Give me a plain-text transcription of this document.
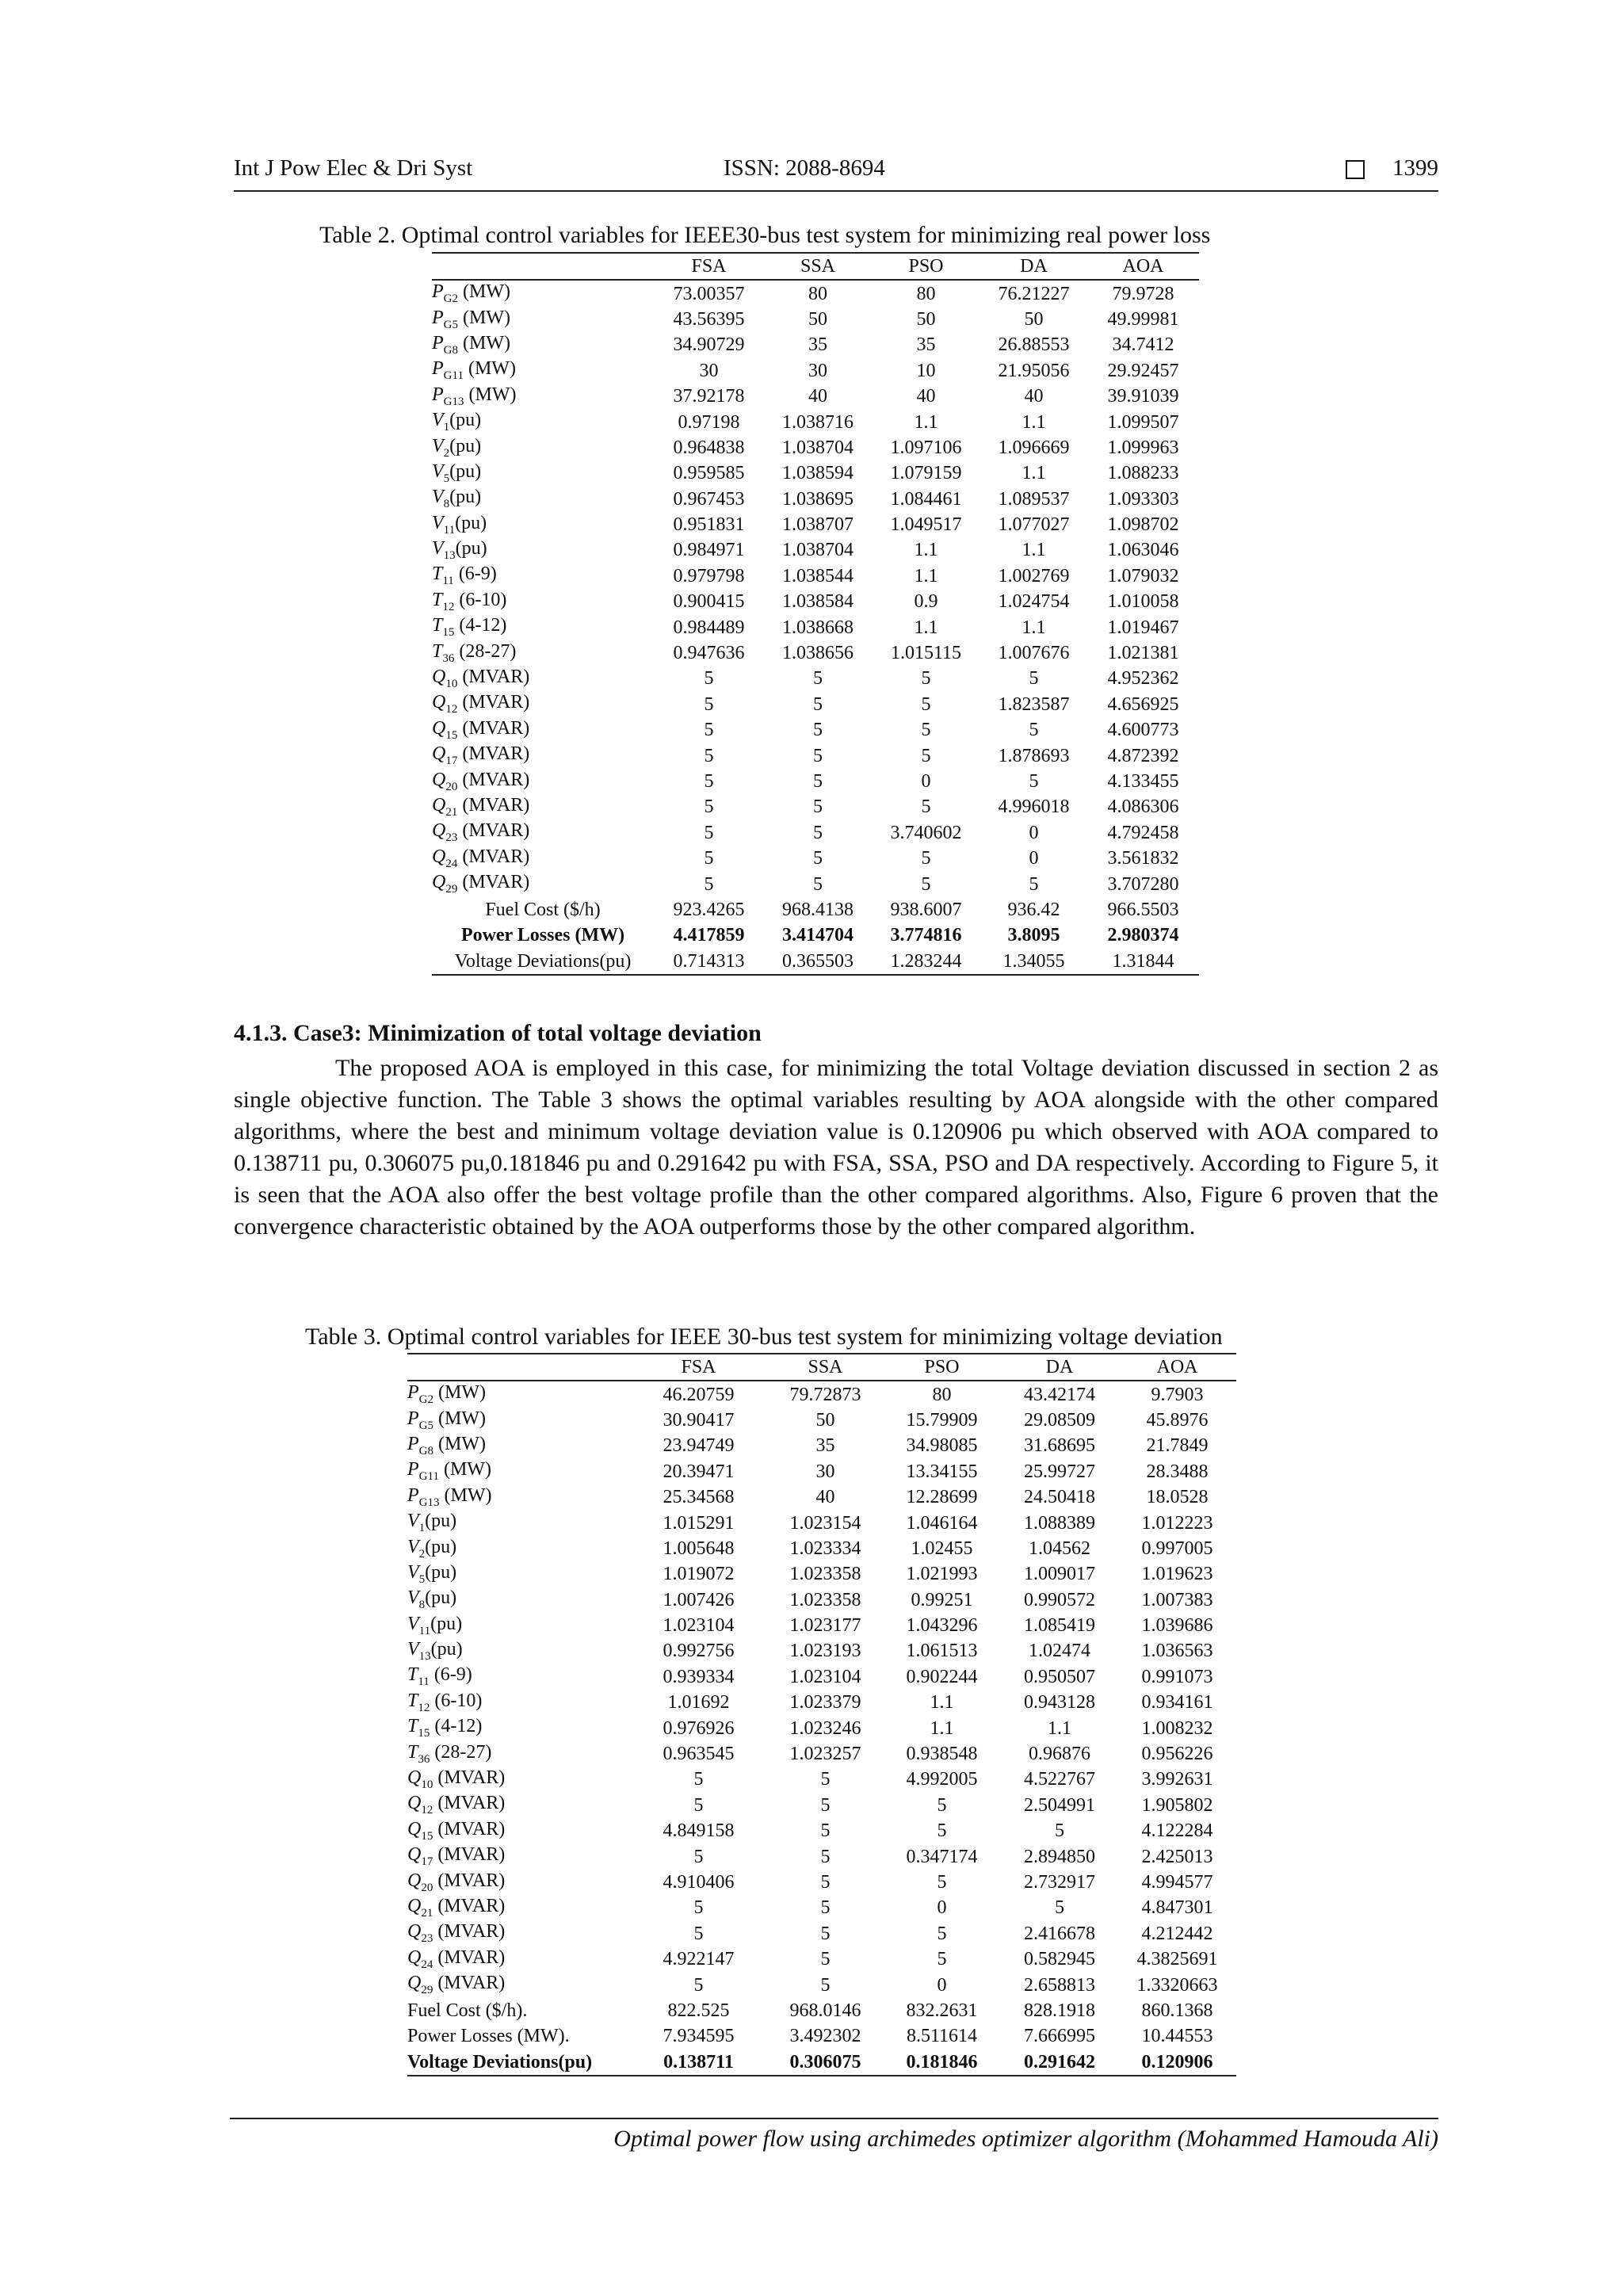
Int J Pow Elec & Dri Syst	ISSN: 2088-8694	1399
Table 2. Optimal control variables for IEEE30-bus test system for minimizing real power loss
	FSA	SSA	PSO	DA	AOA
$P_{G2}$ (MW)	73.00357	80	80	76.21227	79.9728
$P_{G5}$ (MW)	43.56395	50	50	50	49.99981
$P_{G8}$ (MW)	34.90729	35	35	26.88553	34.7412
$P_{G11}$ (MW)	30	30	10	21.95056	29.92457
$P_{G13}$ (MW)	37.92178	40	40	40	39.91039
$V_1(pu)$	0.97198	1.038716	1.1	1.1	1.099507
$V_2(pu)$	0.964838	1.038704	1.097106	1.096669	1.099963
$V_5(pu)$	0.959585	1.038594	1.079159	1.1	1.088233
$V_8(pu)$	0.967453	1.038695	1.084461	1.089537	1.093303
$V_{11}(pu)$	0.951831	1.038707	1.049517	1.077027	1.098702
$V_{13}(pu)$	0.984971	1.038704	1.1	1.1	1.063046
$T_{11}$ (6-9)	0.979798	1.038544	1.1	1.002769	1.079032
$T_{12}$ (6-10)	0.900415	1.038584	0.9	1.024754	1.010058
$T_{15}$ (4-12)	0.984489	1.038668	1.1	1.1	1.019467
$T_{36}$ (28-27)	0.947636	1.038656	1.015115	1.007676	1.021381
$Q_{10}$ (MVAR)	5	5	5	5	4.952362
$Q_{12}$ (MVAR)	5	5	5	1.823587	4.656925
$Q_{15}$ (MVAR)	5	5	5	5	4.600773
$Q_{17}$ (MVAR)	5	5	5	1.878693	4.872392
$Q_{20}$ (MVAR)	5	5	0	5	4.133455
$Q_{21}$ (MVAR)	5	5	5	4.996018	4.086306
$Q_{23}$ (MVAR)	5	5	3.740602	0	4.792458
$Q_{24}$ (MVAR)	5	5	5	0	3.561832
$Q_{29}$ (MVAR)	5	5	5	5	3.707280
Fuel Cost ($/h)	923.4265	968.4138	938.6007	936.42	966.5503
Power Losses (MW)	4.417859	3.414704	3.774816	3.8095	2.980374
Voltage Deviations(pu)	0.714313	0.365503	1.283244	1.34055	1.31844
4.1.3. Case3: Minimization of total voltage deviation
The proposed AOA is employed in this case, for minimizing the total Voltage deviation discussed in section 2 as single objective function. The Table 3 shows the optimal variables resulting by AOA alongside with the other compared algorithms, where the best and minimum voltage deviation value is 0.120906 pu which observed with AOA compared to 0.138711 pu, 0.306075 pu,0.181846 pu and 0.291642 pu with FSA, SSA, PSO and DA respectively. According to Figure 5, it is seen that the AOA also offer the best voltage profile than the other compared algorithms. Also, Figure 6 proven that the convergence characteristic obtained by the AOA outperforms those by the other compared algorithm.
Table 3. Optimal control variables for IEEE 30-bus test system for minimizing voltage deviation
	FSA	SSA	PSO	DA	AOA
$P_{G2}$ (MW)	46.20759	79.72873	80	43.42174	9.7903
$P_{G5}$ (MW)	30.90417	50	15.79909	29.08509	45.8976
$P_{G8}$ (MW)	23.94749	35	34.98085	31.68695	21.7849
$P_{G11}$ (MW)	20.39471	30	13.34155	25.99727	28.3488
$P_{G13}$ (MW)	25.34568	40	12.28699	24.50418	18.0528
$V_1(pu)$	1.015291	1.023154	1.046164	1.088389	1.012223
$V_2(pu)$	1.005648	1.023334	1.02455	1.04562	0.997005
$V_5(pu)$	1.019072	1.023358	1.021993	1.009017	1.019623
$V_8(pu)$	1.007426	1.023358	0.99251	0.990572	1.007383
$V_{11}(pu)$	1.023104	1.023177	1.043296	1.085419	1.039686
$V_{13}(pu)$	0.992756	1.023193	1.061513	1.02474	1.036563
$T_{11}$ (6-9)	0.939334	1.023104	0.902244	0.950507	0.991073
$T_{12}$ (6-10)	1.01692	1.023379	1.1	0.943128	0.934161
$T_{15}$ (4-12)	0.976926	1.023246	1.1	1.1	1.008232
$T_{36}$ (28-27)	0.963545	1.023257	0.938548	0.96876	0.956226
$Q_{10}$ (MVAR)	5	5	4.992005	4.522767	3.992631
$Q_{12}$ (MVAR)	5	5	5	2.504991	1.905802
$Q_{15}$ (MVAR)	4.849158	5	5	5	4.122284
$Q_{17}$ (MVAR)	5	5	0.347174	2.894850	2.425013
$Q_{20}$ (MVAR)	4.910406	5	5	2.732917	4.994577
$Q_{21}$ (MVAR)	5	5	0	5	4.847301
$Q_{23}$ (MVAR)	5	5	5	2.416678	4.212442
$Q_{24}$ (MVAR)	4.922147	5	5	0.582945	4.3825691
$Q_{29}$ (MVAR)	5	5	0	2.658813	1.3320663
Fuel Cost ($/h).	822.525	968.0146	832.2631	828.1918	860.1368
Power Losses (MW).	7.934595	3.492302	8.511614	7.666995	10.44553
Voltage Deviations(pu)	0.138711	0.306075	0.181846	0.291642	0.120906
Optimal power flow using archimedes optimizer algorithm (Mohammed Hamouda Ali)
